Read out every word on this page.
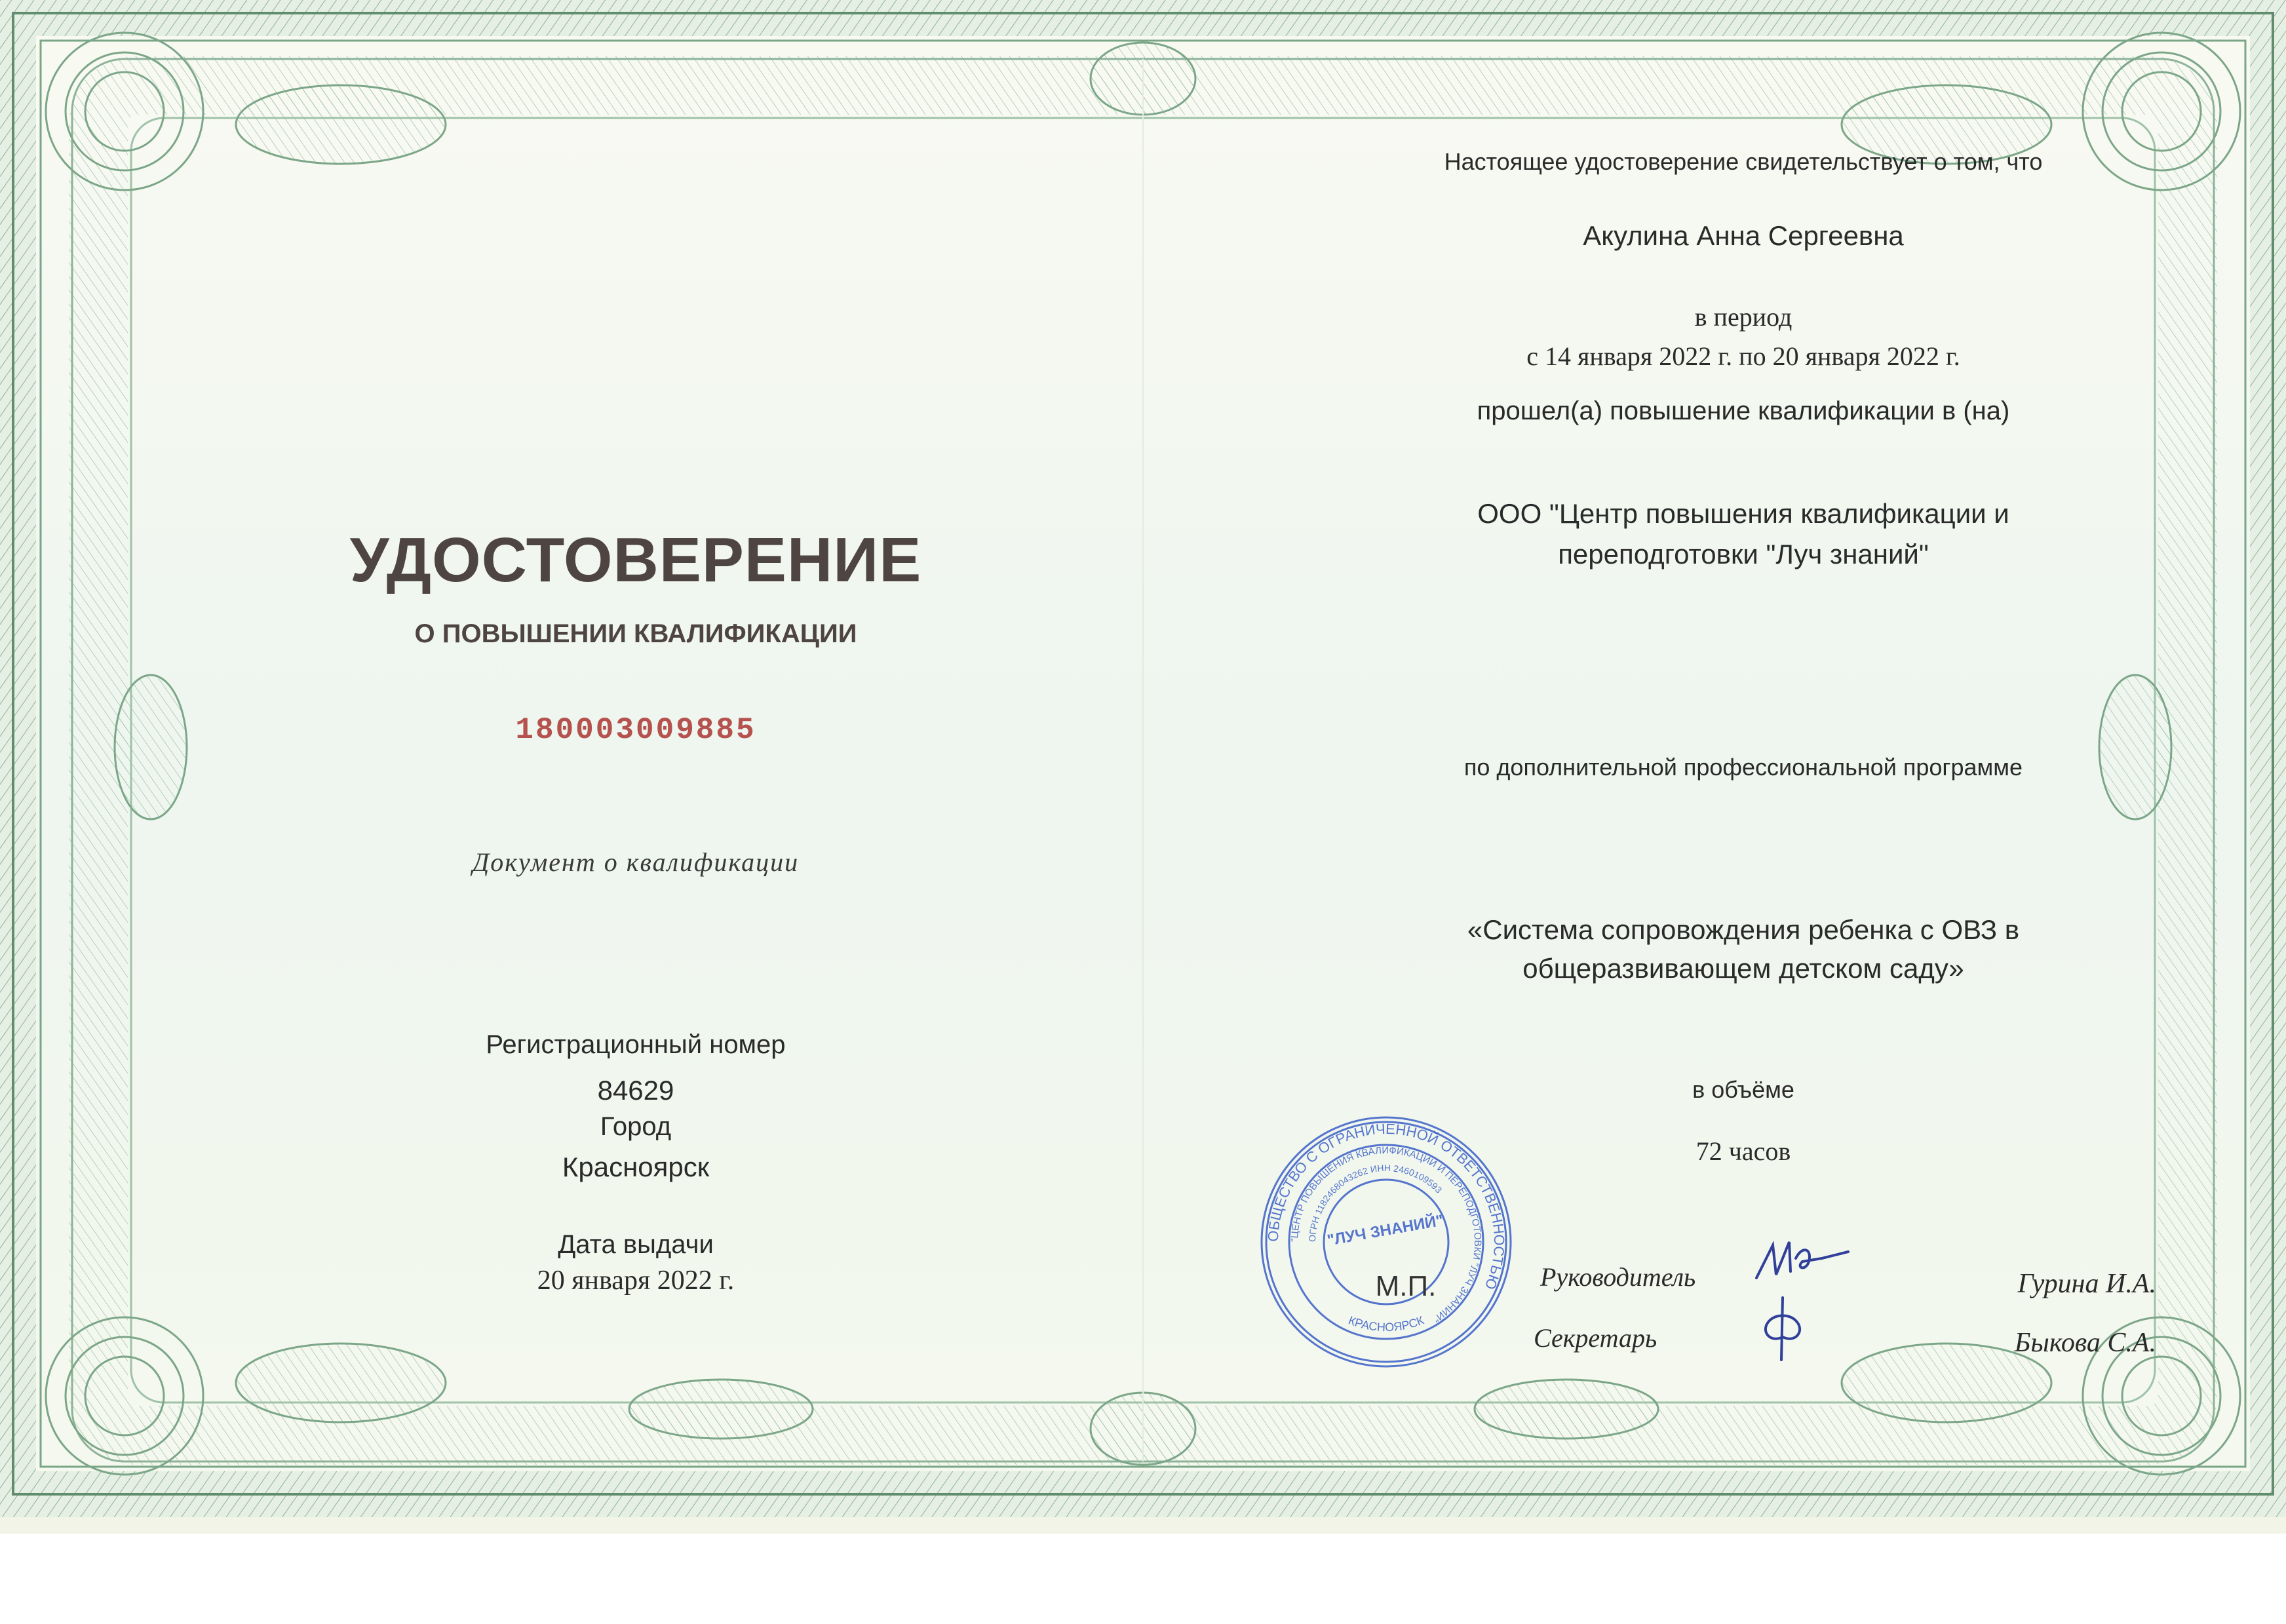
УДОСТОВЕРЕНИЕ
О ПОВЫШЕНИИ КВАЛИФИКАЦИИ
180003009885
Документ о квалификации
Регистрационный номер
84629
Город
Красноярск
Дата выдачи
20 января 2022 г.
Настоящее удостоверение свидетельствует о том, что
Акулина Анна Сергеевна
в период
с 14 января 2022 г. по 20 января 2022 г.
прошел(а) повышение квалификации в (на)
ООО "Центр повышения квалификации и
переподготовки "Луч знаний"
по дополнительной профессиональной программе
«Система сопровождения ребенка с ОВЗ в
общеразвивающем детском саду»
в объёме
72 часов
ОБЩЕСТВО С ОГРАНИЧЕННОЙ ОТВЕТСТВЕННОСТЬЮ
"ЦЕНТР ПОВЫШЕНИЯ КВАЛИФИКАЦИИ И ПЕРЕПОДГОТОВКИ "ЛУЧ ЗНАНИЙ"
ОГРН 1182468043262 ИНН 2460109593
КРАСНОЯРСК
"ЛУЧ ЗНАНИЙ"
М.П.	Руководитель
Секретарь
Гурина И.А.
Быкова С.А.
